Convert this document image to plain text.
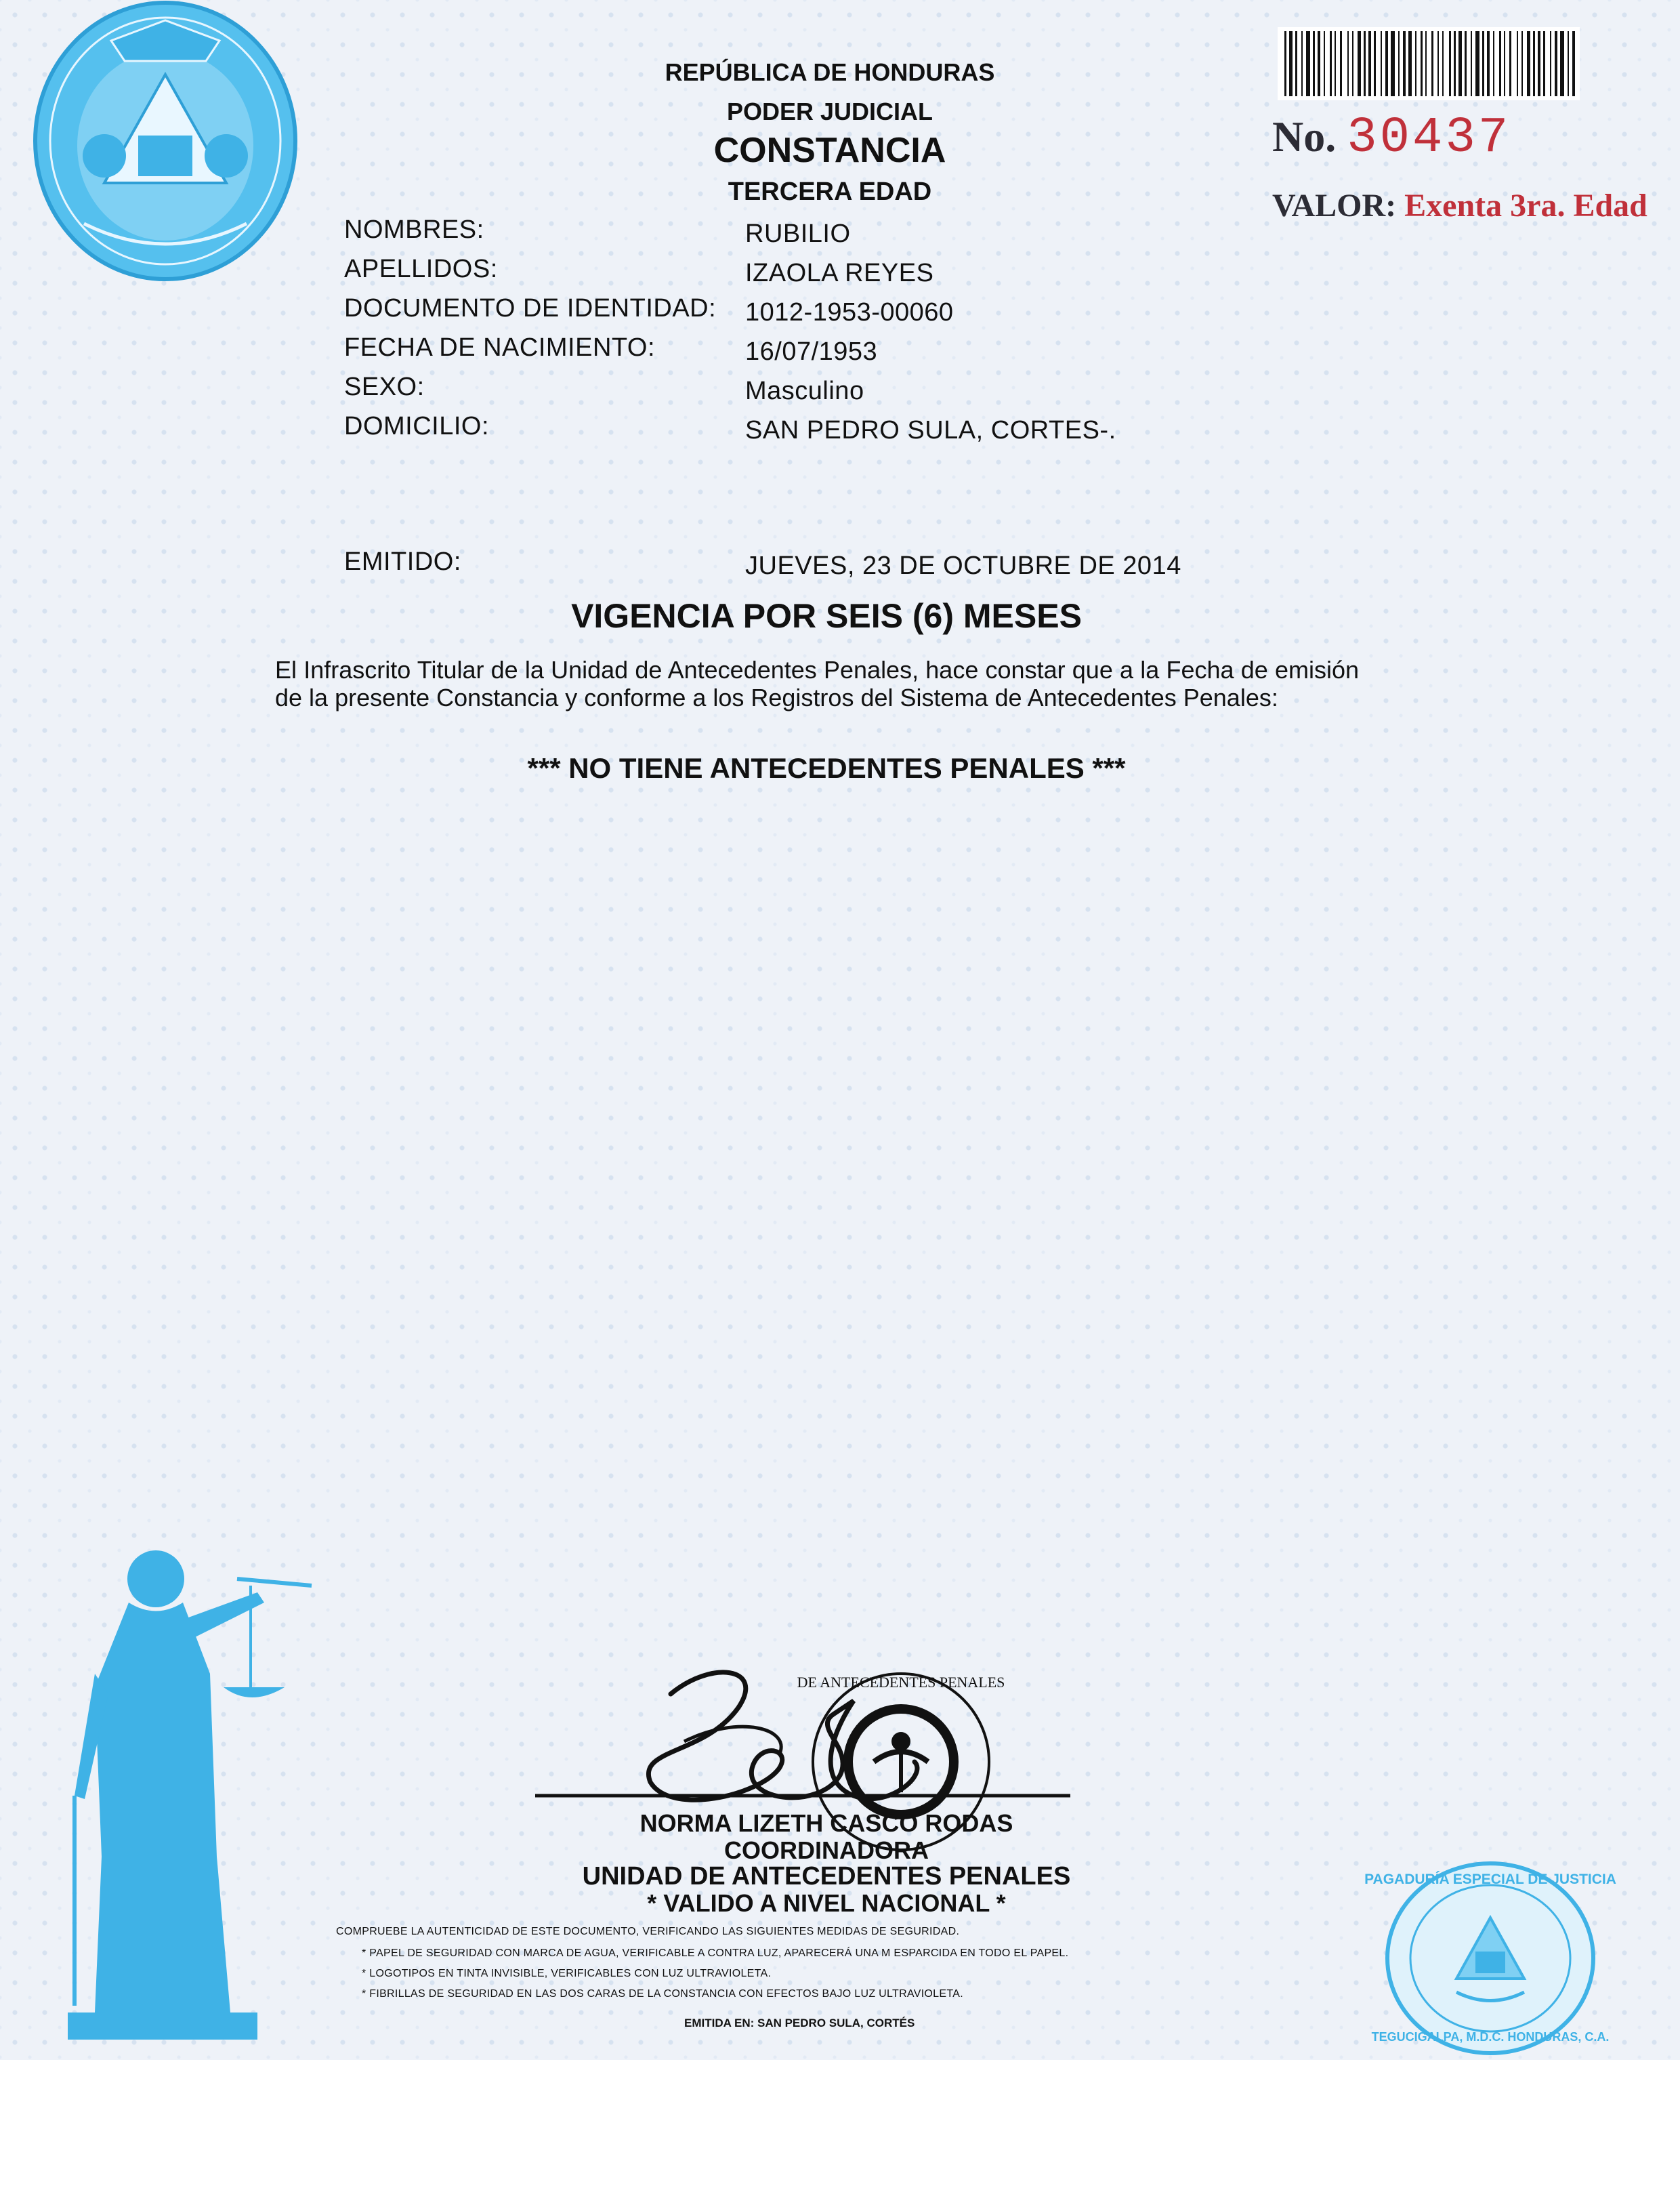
REPÚBLICA DE HONDURAS
PODER JUDICIAL
CONSTANCIA
TERCERA EDAD
No. 30437
VALOR: Exenta 3ra. Edad
NOMBRES:	RUBILIO
APELLIDOS:	IZAOLA REYES
DOCUMENTO DE IDENTIDAD: 1012-1953-00060
FECHA DE NACIMIENTO:	16/07/1953
SEXO:	Masculino
DOMICILIO:	SAN PEDRO SULA, CORTES-.
EMITIDO:	JUEVES, 23 DE OCTUBRE DE 2014
VIGENCIA POR SEIS (6) MESES
El Infrascrito Titular de la Unidad de Antecedentes Penales, hace constar que a la Fecha de emisión de la presente Constancia y conforme a los Registros del Sistema de Antecedentes Penales:
*** NO TIENE ANTECEDENTES PENALES ***
DE ANTECEDENTES PENALES
NORMA LIZETH CASCO RODAS
COORDINADORA
UNIDAD DE ANTECEDENTES PENALES
* VALIDO A NIVEL NACIONAL *
COMPRUEBE LA AUTENTICIDAD DE ESTE DOCUMENTO, VERIFICANDO LAS SIGUIENTES MEDIDAS DE SEGURIDAD.
* PAPEL DE SEGURIDAD CON MARCA DE AGUA, VERIFICABLE A CONTRA LUZ, APARECERÁ UNA M ESPARCIDA EN TODO EL PAPEL.
* LOGOTIPOS EN TINTA INVISIBLE, VERIFICABLES CON LUZ ULTRAVIOLETA.
* FIBRILLAS DE SEGURIDAD EN LAS DOS CARAS DE LA CONSTANCIA CON EFECTOS BAJO LUZ ULTRAVIOLETA.
EMITIDA EN: SAN PEDRO SULA, CORTÉS
PAGADURÍA ESPECIAL DE JUSTICIA
TEGUCIGALPA, M.D.C. HONDURAS, C.A.
